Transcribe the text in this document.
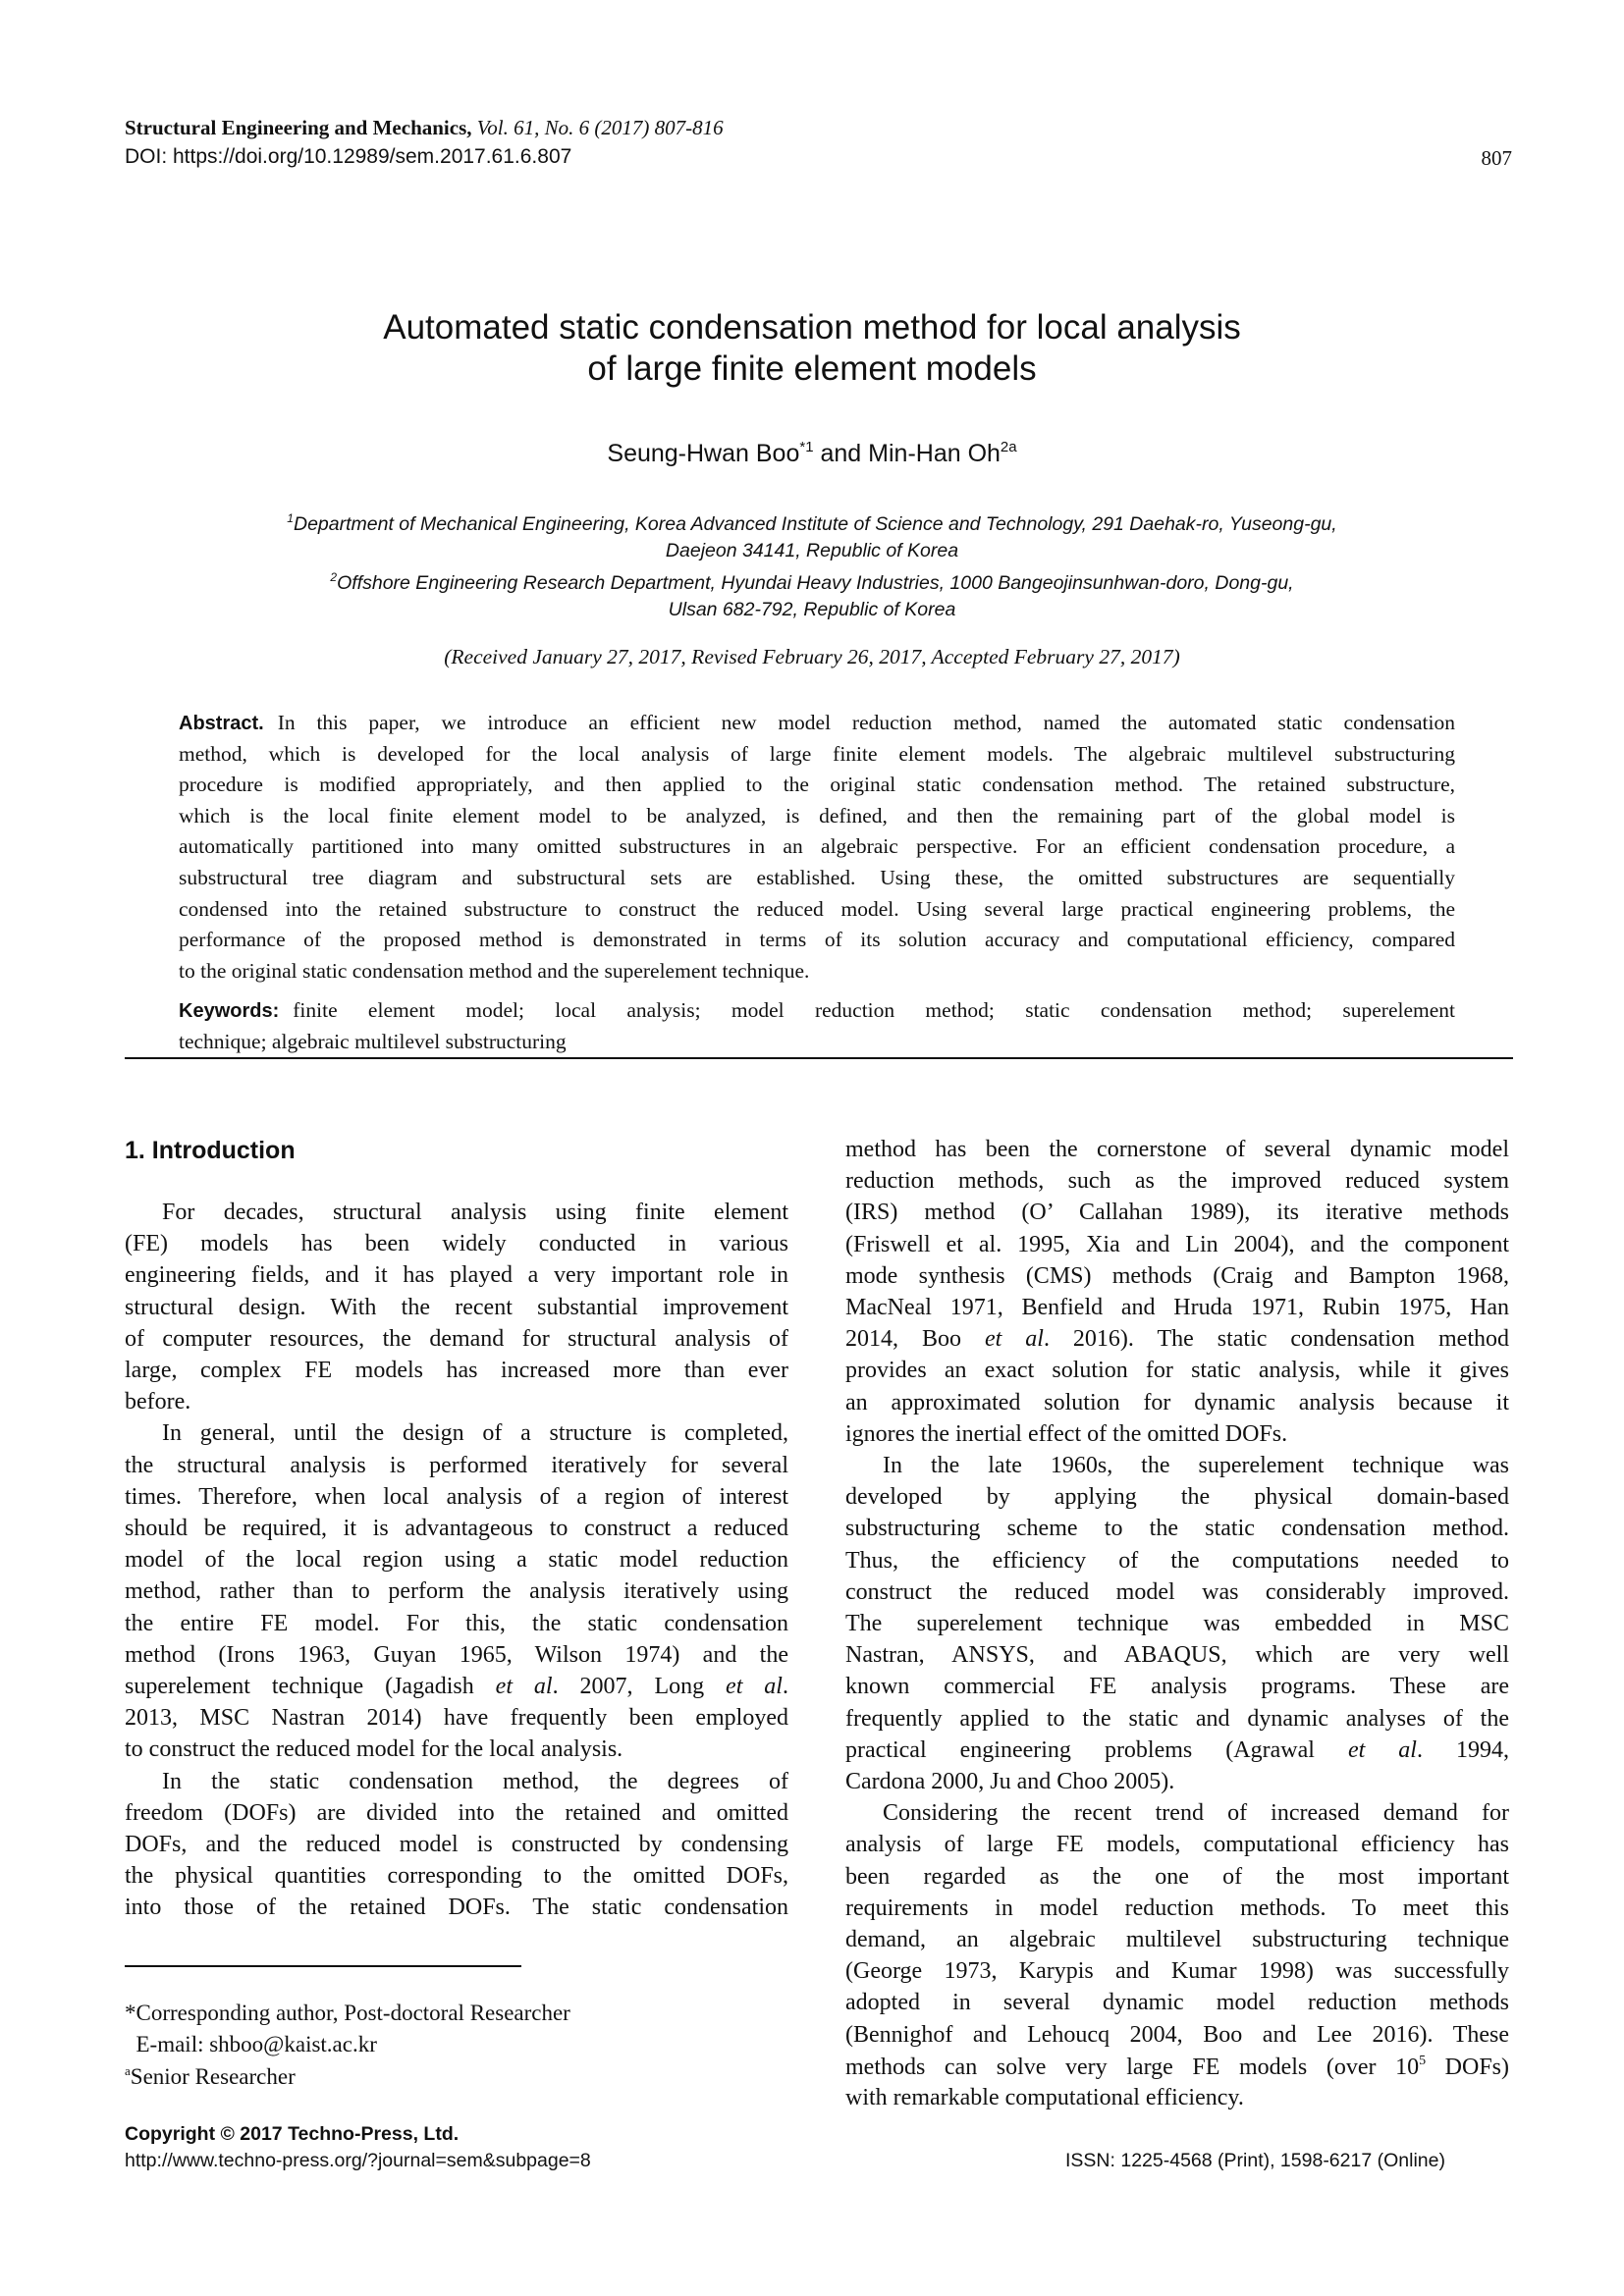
Structural Engineering and Mechanics, Vol. 61, No. 6 (2017) 807-816
DOI: https://doi.org/10.12989/sem.2017.61.6.807	807
Automated static condensation method for local analysis
of large finite element models
Seung-Hwan Boo$^{*1}$ and Min-Han $Oh^{2a}$
$^1$Department of Mechanical Engineering, Korea Advanced Institute of Science and Technology, 291 Daehak-ro, Yuseong-gu,
Daejeon 34141, Republic of Korea
$^2$Offshore Engineering Research Department, Hyundai Heavy Industries, 1000 Bangeojinsunhwan-doro, Dong-gu,
Ulsan 682-792, Republic of Korea
(Received January 27, 2017, Revised February 26, 2017, Accepted February 27, 2017)
Abstract. In this paper, we introduce an efficient new model reduction method, named the automated static condensation
method, which is developed for the local analysis of large finite element models. The algebraic multilevel substructuring
procedure is modified appropriately, and then applied to the original static condensation method. The retained substructure,
which is the local finite element model to be analyzed, is defined, and then the remaining part of the global model is
automatically partitioned into many omitted substructures in an algebraic perspective. For an efficient condensation procedure, a
substructural tree diagram and substructural sets are established. Using these, the omitted substructures are sequentially
condensed into the retained substructure to construct the reduced model. Using several large practical engineering problems, the
performance of the proposed method is demonstrated in terms of its solution accuracy and computational efficiency, compared
to the original static condensation method and the superelement technique.
Keywords: finite element model; local analysis; model reduction method; static condensation method; superelement
technique; algebraic multilevel substructuring
1. Introduction
For decades, structural analysis using finite element
(FE) models has been widely conducted in various
engineering fields, and it has played a very important role in
structural design. With the recent substantial improvement
of computer resources, the demand for structural analysis of
large, complex FE models has increased more than ever
before.
In general, until the design of a structure is completed,
the structural analysis is performed iteratively for several
times. Therefore, when local analysis of a region of interest
should be required, it is advantageous to construct a reduced
model of the local region using a static model reduction
method, rather than to perform the analysis iteratively using
the entire FE model. For this, the static condensation
method (Irons 1963, Guyan 1965, Wilson 1974) and the
superelement technique (Jagadish et al. 2007, Long et al.
2013, MSC Nastran 2014) have frequently been employed
to construct the reduced model for the local analysis.
In the static condensation method, the degrees of
freedom (DOFs) are divided into the retained and omitted
DOFs, and the reduced model is constructed by condensing
the physical quantities corresponding to the omitted DOFs,
into those of the retained DOFs. The static condensation
method has been the cornerstone of several dynamic model
reduction methods, such as the improved reduced system
(IRS) method (O’ Callahan 1989), its iterative methods
(Friswell et al. 1995, Xia and Lin 2004), and the component
mode synthesis (CMS) methods (Craig and Bampton 1968,
MacNeal 1971, Benfield and Hruda 1971, Rubin 1975, Han
2014, Boo et al. 2016). The static condensation method
provides an exact solution for static analysis, while it gives
an approximated solution for dynamic analysis because it
ignores the inertial effect of the omitted DOFs.
In the late 1960s, the superelement technique was
developed by applying the physical domain-based
substructuring scheme to the static condensation method.
Thus, the efficiency of the computations needed to
construct the reduced model was considerably improved.
The superelement technique was embedded in MSC
Nastran, ANSYS, and ABAQUS, which are very well
known commercial FE analysis programs. These are
frequently applied to the static and dynamic analyses of the
practical engineering problems (Agrawal et al. 1994,
Cardona 2000, Ju and Choo 2005).
Considering the recent trend of increased demand for
analysis of large FE models, computational efficiency has
been regarded as the one of the most important
requirements in model reduction methods. To meet this
demand, an algebraic multilevel substructuring technique
(George 1973, Karypis and Kumar 1998) was successfully
adopted in several dynamic model reduction methods
(Bennighof and Lehoucq 2004, Boo and Lee 2016). These
methods can solve very large FE models (over $10^5$ DOFs)
with remarkable computational efficiency.
*Corresponding author, Post-doctoral Researcher
E-mail: shboo@kaist.ac.kr
$^a$Senior Researcher
Copyright © 2017 Techno-Press, Ltd.
http://www.techno-press.org/?journal=sem&subpage=8	ISSN: 1225-4568 (Print), 1598-6217 (Online)
